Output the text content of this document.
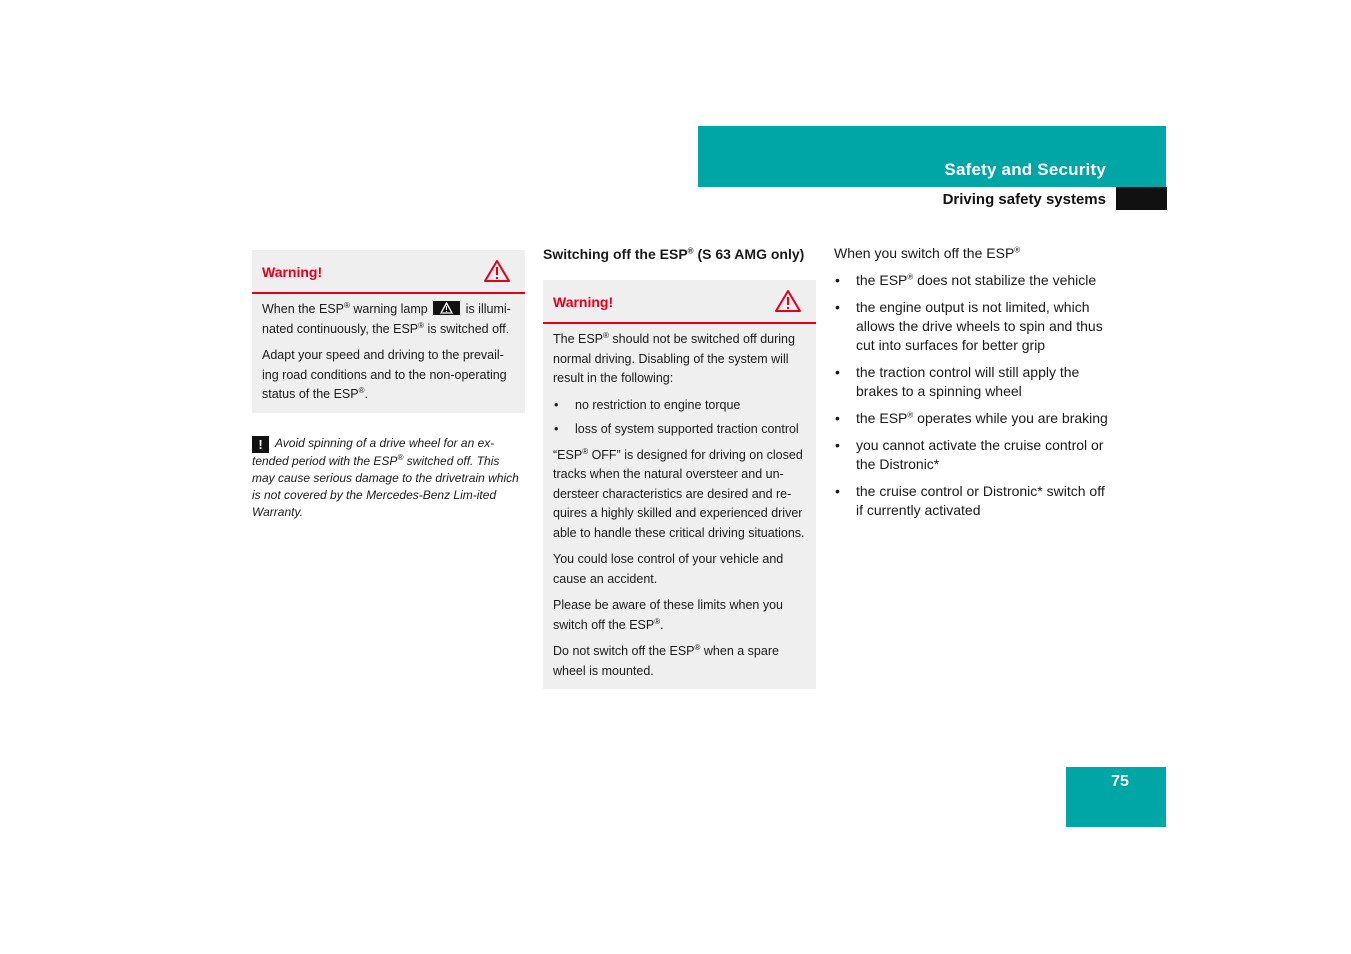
Safety and Security
Driving safety systems
Warning!

When the ESP® warning lamp  is illumi-nated continuously, the ESP® is switched off.

Adapt your speed and driving to the prevail-ing road conditions and to the non-operating status of the ESP®.

! Avoid spinning of a drive wheel for an ex-tended period with the ESP® switched off. This may cause serious damage to the drivetrain which is not covered by the Mercedes-Benz Lim-ited Warranty.
Switching off the ESP® (S 63 AMG only)
Warning!

The ESP® should not be switched off during normal driving. Disabling of the system will result in the following:

• no restriction to engine torque
• loss of system supported traction control

“ESP® OFF” is designed for driving on closed tracks when the natural oversteer and un-dersteer characteristics are desired and re-quires a highly skilled and experienced driver able to handle these critical driving situations.

You could lose control of your vehicle and cause an accident.

Please be aware of these limits when you switch off the ESP®.

Do not switch off the ESP® when a spare wheel is mounted.

When you switch off the ESP®

• the ESP® does not stabilize the vehicle
• the engine output is not limited, which allows the drive wheels to spin and thus cut into surfaces for better grip
• the traction control will still apply the brakes to a spinning wheel
• the ESP® operates while you are braking
• you cannot activate the cruise control or the Distronic*
• the cruise control or Distronic* switch off if currently activated
75
